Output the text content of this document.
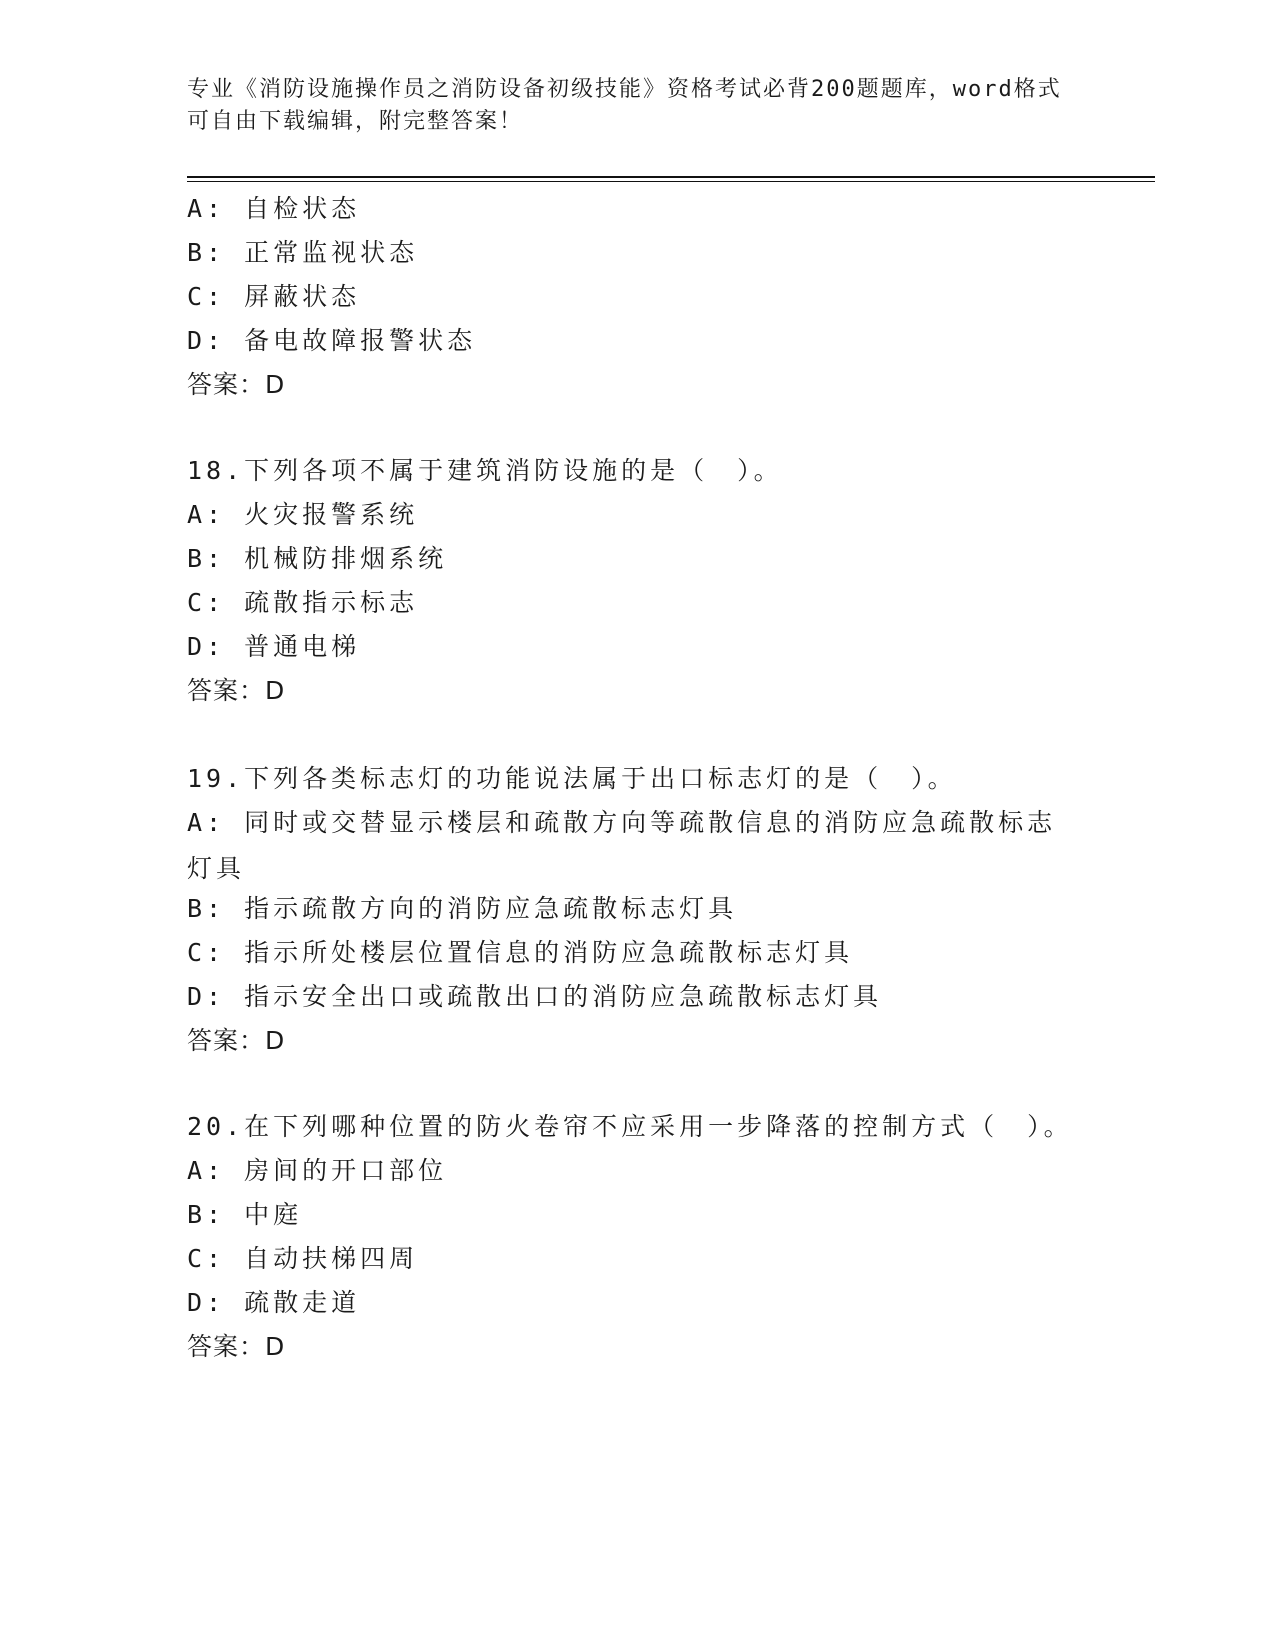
专业《消防设施操作员之消防设备初级技能》资格考试必背200题题库，word格式可自由下载编辑，附完整答案！
A: 自检状态
B: 正常监视状态
C: 屏蔽状态
D: 备电故障报警状态
答案：D
18.下列各项不属于建筑消防设施的是（　）。
A: 火灾报警系统
B: 机械防排烟系统
C: 疏散指示标志
D: 普通电梯
答案：D
19.下列各类标志灯的功能说法属于出口标志灯的是（　）。
A: 同时或交替显示楼层和疏散方向等疏散信息的消防应急疏散标志灯具
B: 指示疏散方向的消防应急疏散标志灯具
C: 指示所处楼层位置信息的消防应急疏散标志灯具
D: 指示安全出口或疏散出口的消防应急疏散标志灯具
答案：D
20.在下列哪种位置的防火卷帘不应采用一步降落的控制方式（　）。
A: 房间的开口部位
B: 中庭
C: 自动扶梯四周
D: 疏散走道
答案：D
